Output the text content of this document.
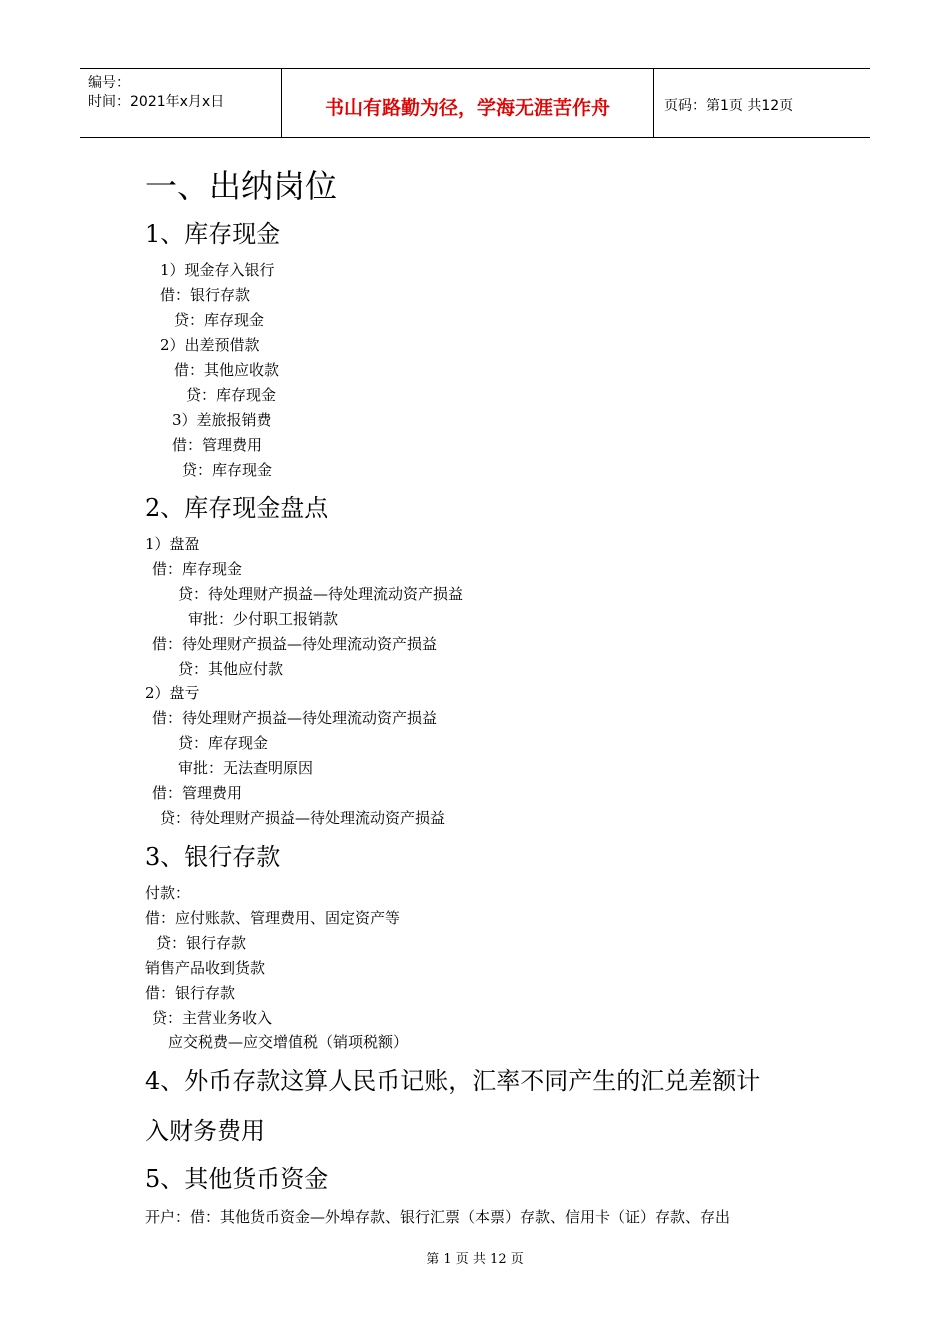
编号：
时间：2021年x月x日	书山有路勤为径，学海无涯苦作舟	页码：第1页 共12页
一、出纳岗位
1、库存现金
1）现金存入银行
借：银行存款
贷：库存现金
2）出差预借款
借：其他应收款
贷：库存现金
3）差旅报销费
借：管理费用
贷：库存现金
2、库存现金盘点
1）盘盈
借：库存现金
贷：待处理财产损益—待处理流动资产损益
审批：少付职工报销款
借：待处理财产损益—待处理流动资产损益
贷：其他应付款
2）盘亏
借：待处理财产损益—待处理流动资产损益
贷：库存现金
审批：无法查明原因
借：管理费用
贷：待处理财产损益—待处理流动资产损益
3、银行存款
付款：
借：应付账款、管理费用、固定资产等
贷：银行存款
销售产品收到货款
借：银行存款
贷：主营业务收入
应交税费—应交增值税（销项税额）
4、外币存款这算人民币记账，汇率不同产生的汇兑差额计
入财务费用
5、其他货币资金
开户：借：其他货币资金—外埠存款、银行汇票（本票）存款、信用卡（证）存款、存出
第 1 页 共 12 页
